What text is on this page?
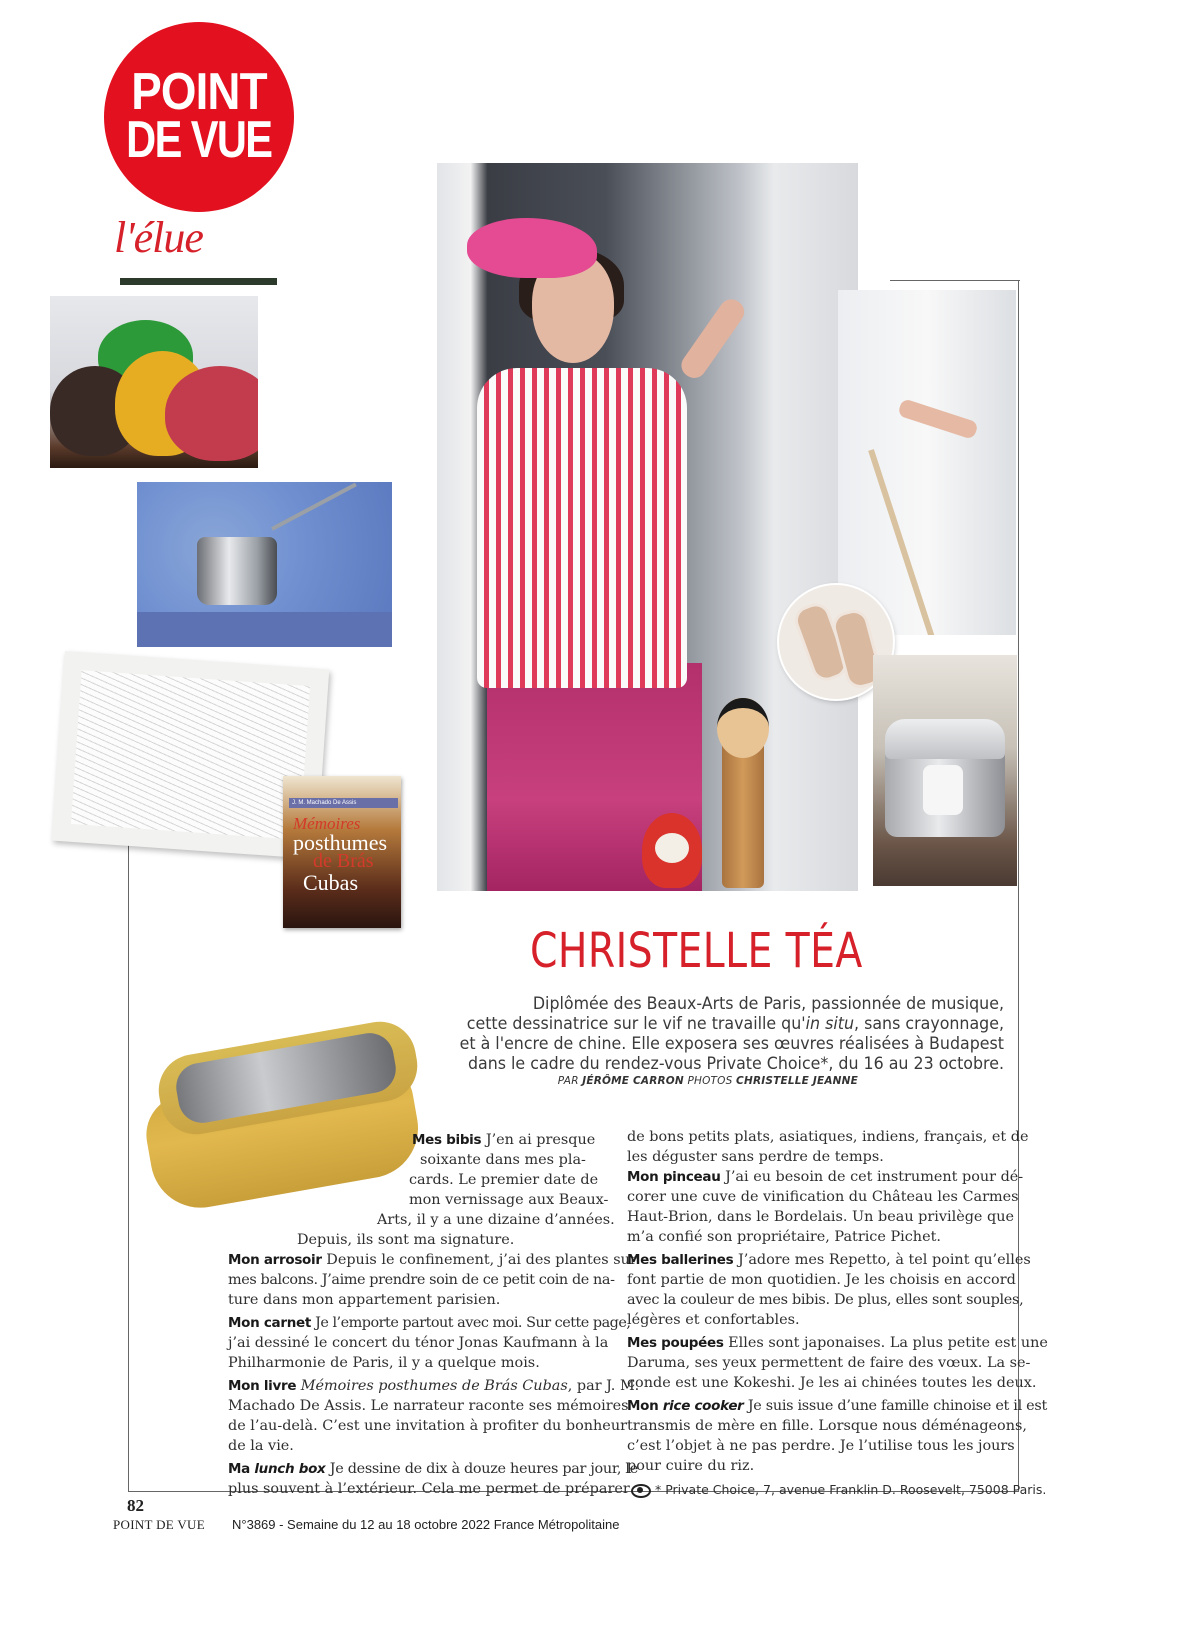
POINT
DE VUE
l'élue
J. M. Machado De Assis
Mémoires
posthumes
de Brás
Cubas
CHRISTELLE TÉA
Diplômée des Beaux-Arts de Paris, passionnée de musique,
cette dessinatrice sur le vif ne travaille qu'in situ, sans crayonnage,
et à l'encre de chine. Elle exposera ses œuvres réalisées à Budapest
dans le cadre du rendez-vous Private Choice*, du 16 au 23 octobre.
PAR JÉRÔME CARRON PHOTOS CHRISTELLE JEANNE
Mes bibis J’en ai presque
soixante dans mes pla-
cards. Le premier date de
mon vernissage aux Beaux-
Arts, il y a une dizaine d’années.
Depuis, ils sont ma signature.
Mon arrosoir Depuis le confinement, j’ai des plantes sur
mes balcons. J’aime prendre soin de ce petit coin de na-
ture dans mon appartement parisien.
Mon carnet Je l’emporte partout avec moi. Sur cette page,
j’ai dessiné le concert du ténor Jonas Kaufmann à la
Philharmonie de Paris, il y a quelque mois.
Mon livre Mémoires posthumes de Brás Cubas, par J. M.
Machado De Assis. Le narrateur raconte ses mémoires
de l’au-delà. C’est une invitation à profiter du bonheur
de la vie.
Ma lunch box Je dessine de dix à douze heures par jour, le
plus souvent à l’extérieur. Cela me permet de préparer
de bons petits plats, asiatiques, indiens, français, et de
les déguster sans perdre de temps.
Mon pinceau J’ai eu besoin de cet instrument pour dé-
corer une cuve de vinification du Château les Carmes
Haut-Brion, dans le Bordelais. Un beau privilège que
m’a confié son propriétaire, Patrice Pichet.
Mes ballerines J’adore mes Repetto, à tel point qu’elles
font partie de mon quotidien. Je les choisis en accord
avec la couleur de mes bibis. De plus, elles sont souples,
légères et confortables.
Mes poupées Elles sont japonaises. La plus petite est une
Daruma, ses yeux permettent de faire des vœux. La se-
conde est une Kokeshi. Je les ai chinées toutes les deux.
Mon rice cooker Je suis issue d’une famille chinoise et il est
transmis de mère en fille. Lorsque nous déménageons,
c’est l’objet à ne pas perdre. Je l’utilise tous les jours
pour cuire du riz.
* Private Choice, 7, avenue Franklin D. Roosevelt, 75008 Paris.
82
POINT DE VUE N°3869 - Semaine du 12 au 18 octobre 2022 France Métropolitaine
